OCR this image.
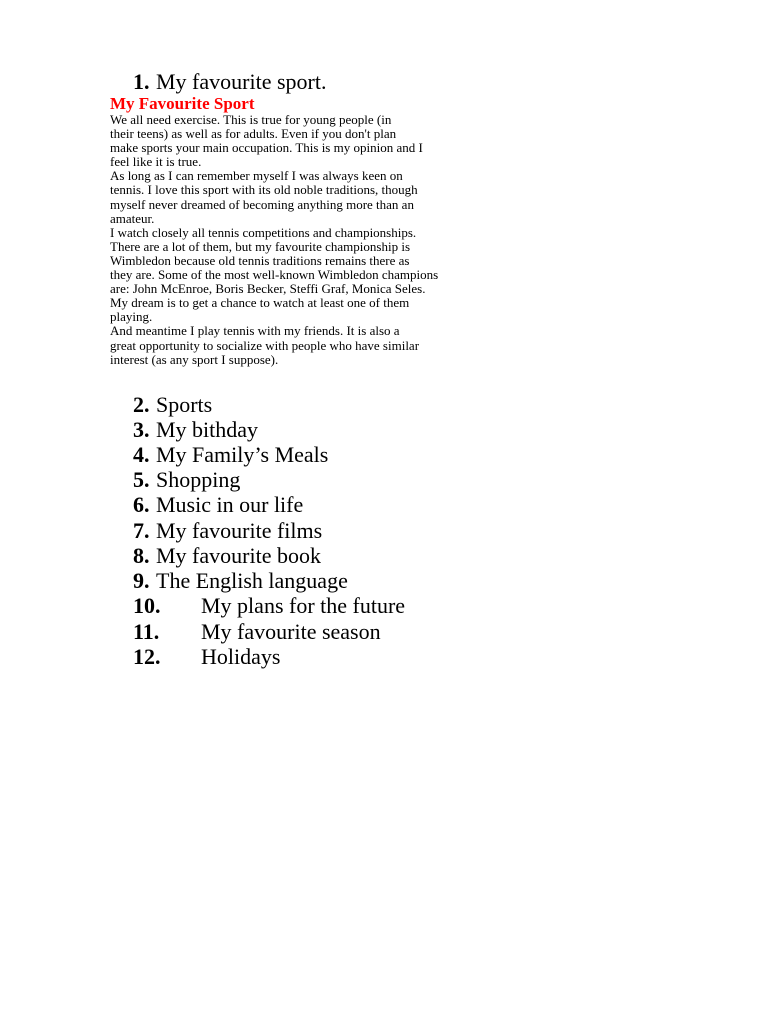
1. My favourite sport.
My Favourite Sport
We all need exercise. This is true for young people (in
their teens) as well as for adults. Even if you don't plan
make sports your main occupation. This is my opinion and I
feel like it is true.
As long as I can remember myself I was always keen on
tennis. I love this sport with its old noble traditions, though
myself never dreamed of becoming anything more than an
amateur.
I watch closely all tennis competitions and championships.
There are a lot of them, but my favourite championship is
Wimbledon because old tennis traditions remains there as
they are. Some of the most well-known Wimbledon champions
are: John McEnroe, Boris Becker, Steffi Graf, Monica Seles.
My dream is to get a chance to watch at least one of them
playing.
And meantime I play tennis with my friends. It is also a
great opportunity to socialize with people who have similar
interest (as any sport I suppose).
2. Sports
3. My bithday
4. My Family’s Meals
5. Shopping
6. Music in our life
7. My favourite films
8. My favourite book
9. The English language
10. My plans for the future
11. My favourite season
12. Holidays
